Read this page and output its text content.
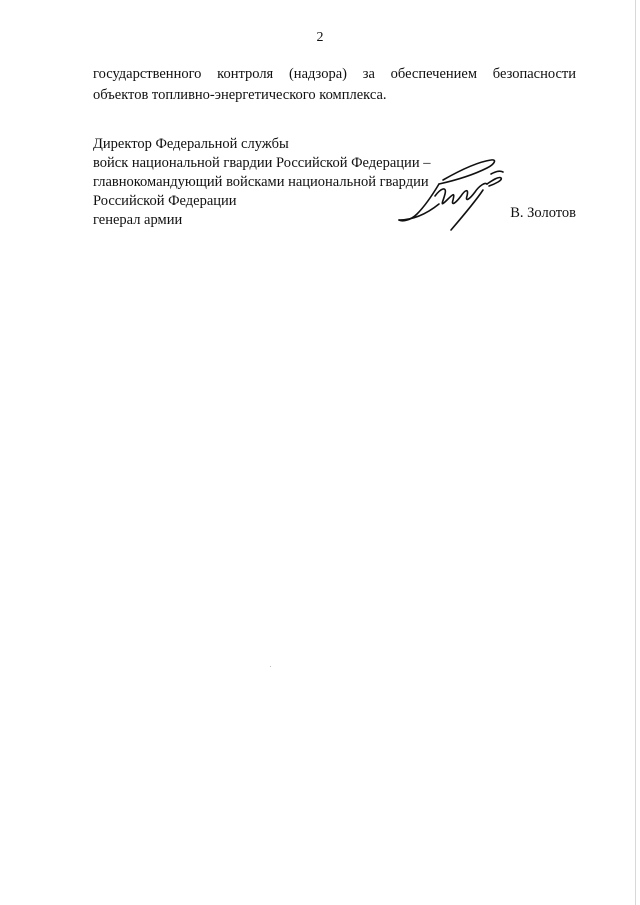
2
государственного контроля (надзора) за обеспечением безопасности
объектов топливно-энергетического комплекса.
Директор Федеральной службы
войск национальной гвардии Российской Федерации –
главнокомандующий войсками национальной гвардии
Российской Федерации
генерал армии	В. Золотов
